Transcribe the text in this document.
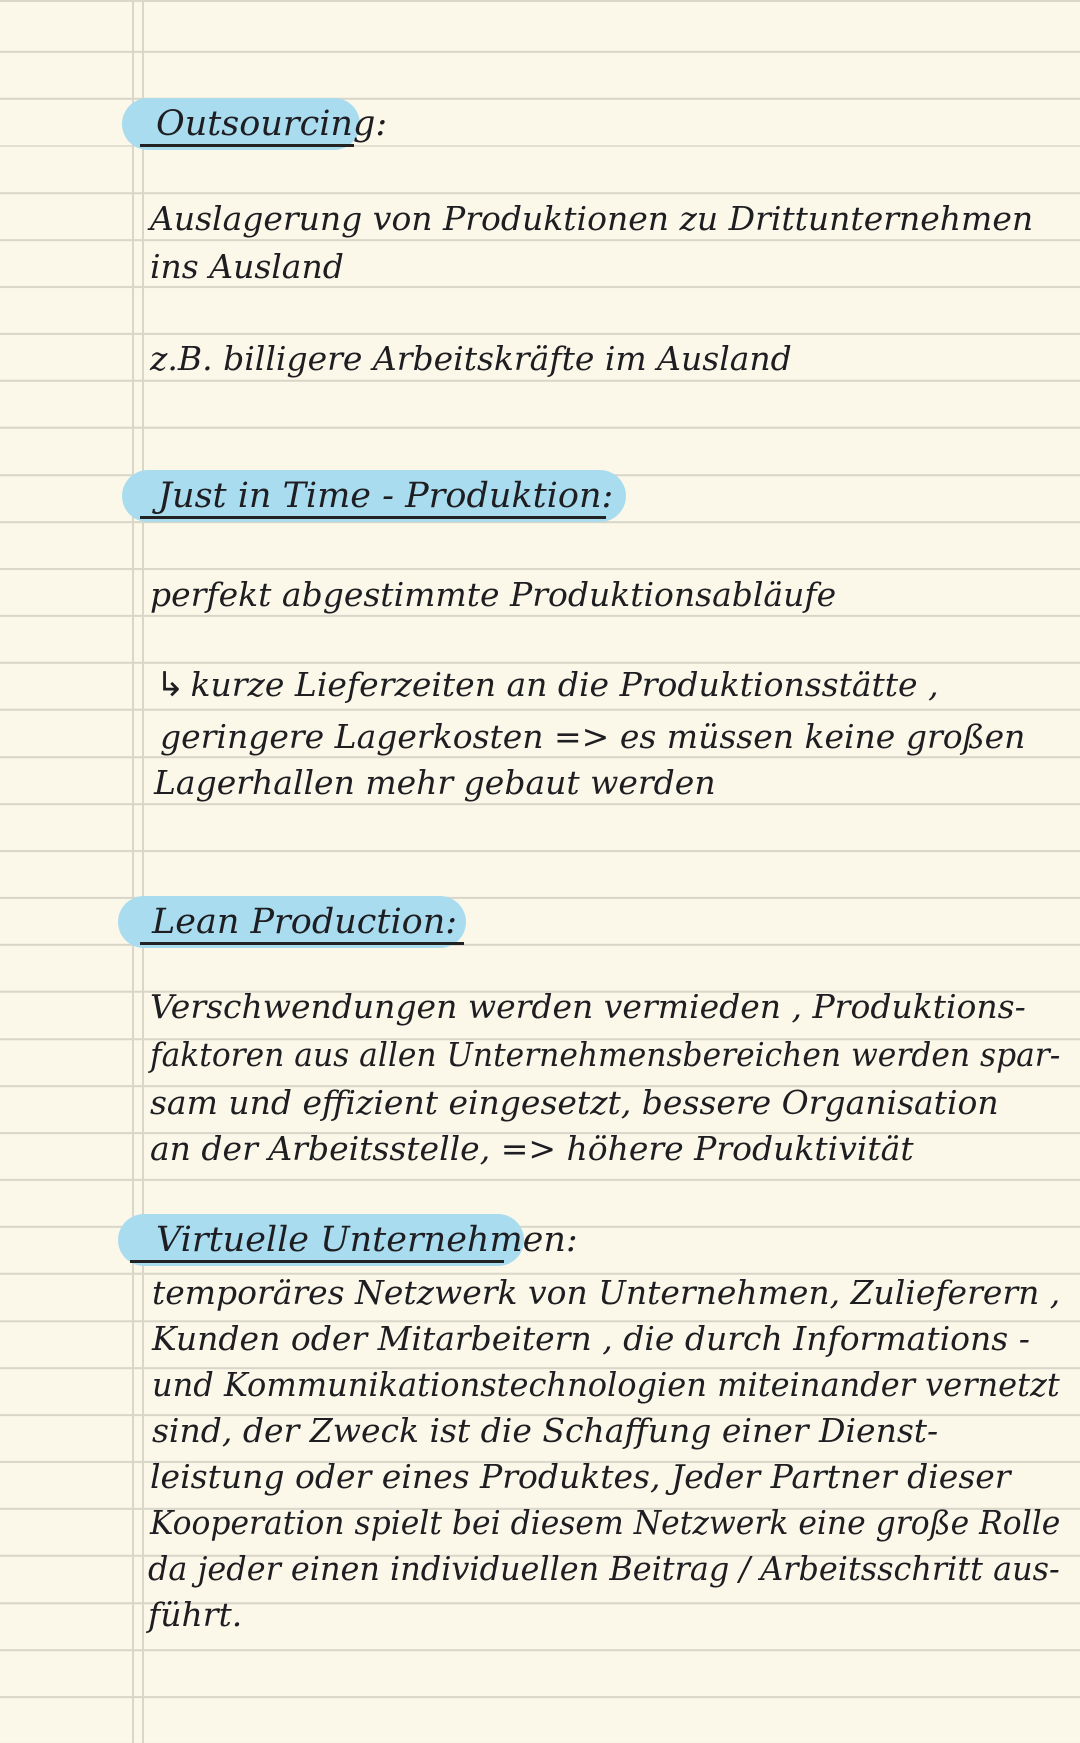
Outsourcing:
Auslagerung von Produktionen zu Drittunternehmen
ins Ausland
z.B. billigere Arbeitskräfte im Ausland
Just in Time - Produktion:
perfekt abgestimmte Produktionsabläufe
↳ kurze Lieferzeiten an die Produktionsstätte ,
geringere Lagerkosten => es müssen keine großen
Lagerhallen mehr gebaut werden
Lean Production:
Verschwendungen werden vermieden , Produktions-
faktoren aus allen Unternehmensbereichen werden spar-
sam und effizient eingesetzt, bessere Organisation
an der Arbeitsstelle, => höhere Produktivität
Virtuelle Unternehmen:
temporäres Netzwerk von Unternehmen, Zulieferern ,
Kunden oder Mitarbeitern , die durch Informations -
und Kommunikationstechnologien miteinander vernetzt
sind, der Zweck ist die Schaffung einer Dienst-
leistung oder eines Produktes, Jeder Partner dieser
Kooperation spielt bei diesem Netzwerk eine große Rolle
da jeder einen individuellen Beitrag / Arbeitsschritt aus-
führt.
